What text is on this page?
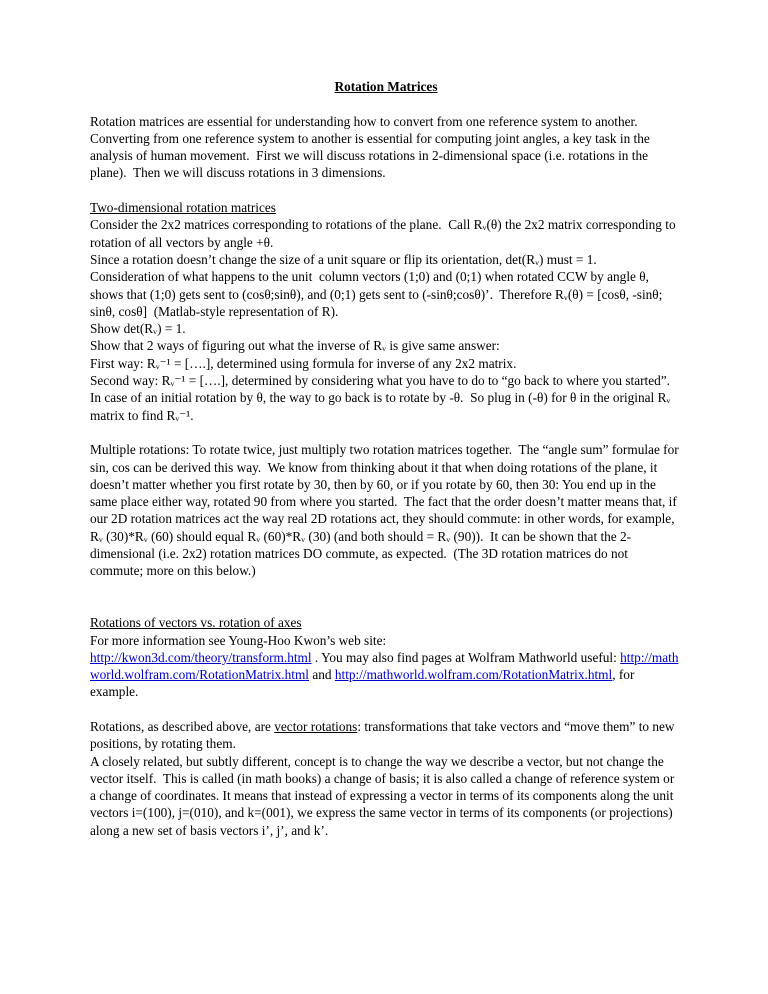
Rotation Matrices

Rotation matrices are essential for understanding how to convert from one reference system to another.  Converting from one reference system to another is essential for computing joint angles, a key task in the analysis of human movement.  First we will discuss rotations in 2-dimensional space (i.e. rotations in the plane).  Then we will discuss rotations in 3 dimensions.

Two-dimensional rotation matrices

Consider the 2x2 matrices corresponding to rotations of the plane.  Call Rᵥ(θ) the 2x2 matrix corresponding to rotation of all vectors by angle +θ.

Since a rotation doesn’t change the size of a unit square or flip its orientation, det(Rᵥ) must = 1.

Consideration of what happens to the unit  column vectors (1;0) and (0;1) when rotated CCW by angle θ, shows that (1;0) gets sent to (cosθ;sinθ), and (0;1) gets sent to (-sinθ;cosθ)’.  Therefore Rᵥ(θ) = [cosθ, -sinθ; sinθ, cosθ]  (Matlab-style representation of R).

Show det(Rᵥ) = 1.

Show that 2 ways of figuring out what the inverse of Rᵥ is give same answer:

First way: Rᵥ⁻¹ = [….], determined using formula for inverse of any 2x2 matrix.

Second way: Rᵥ⁻¹ = [….], determined by considering what you have to do to “go back to where you started”.  In case of an initial rotation by θ, the way to go back is to rotate by -θ.  So plug in (-θ) for θ in the original Rᵥ matrix to find Rᵥ⁻¹.

Multiple rotations: To rotate twice, just multiply two rotation matrices together.  The “angle sum” formulae for sin, cos can be derived this way.  We know from thinking about it that when doing rotations of the plane, it doesn’t matter whether you first rotate by 30, then by 60, or if you rotate by 60, then 30: You end up in the same place either way, rotated 90 from where you started.  The fact that the order doesn’t matter means that, if our 2D rotation matrices act the way real 2D rotations act, they should commute: in other words, for example, Rᵥ (30)*Rᵥ (60) should equal Rᵥ (60)*Rᵥ (30) (and both should = Rᵥ (90)).  It can be shown that the 2-dimensional (i.e. 2x2) rotation matrices DO commute, as expected.  (The 3D rotation matrices do not commute; more on this below.)

Rotations of vectors vs. rotation of axes

For more information see Young-Hoo Kwon’s web site:

http://kwon3d.com/theory/transform.html . You may also find pages at Wolfram Mathworld useful: http://mathworld.wolfram.com/RotationMatrix.html and http://mathworld.wolfram.com/RotationMatrix.html, for example.

Rotations, as described above, are vector rotations: transformations that take vectors and “move them” to new positions, by rotating them.

A closely related, but subtly different, concept is to change the way we describe a vector, but not change the vector itself.  This is called (in math books) a change of basis; it is also called a change of reference system or a change of coordinates. It means that instead of expressing a vector in terms of its components along the unit vectors i=(100), j=(010), and k=(001), we express the same vector in terms of its components (or projections) along a new set of basis vectors i’, j’, and k’.
